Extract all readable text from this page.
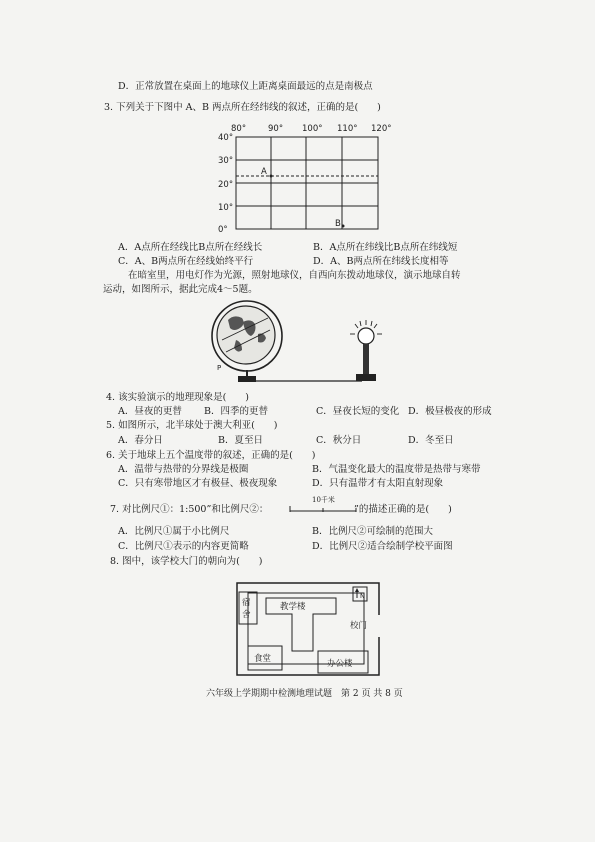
D．正常放置在桌面上的地球仪上距离桌面最远的点是南极点
3. 下列关于下图中 A、B 两点所在经纬线的叙述，正确的是(　　)
80°	90° 100° 110° 120°
40°
30°
20°
10°
0°
A
B
A．A点所在经线比B点所在经线长	B．A点所在纬线比B点所在纬线短
C．A、B两点所在经线始终平行	D．A、B两点所在纬线长度相等
在暗室里，用电灯作为光源，照射地球仪，自西向东拨动地球仪，演示地球自转
运动，如图所示，据此完成4～5题。
P
4. 该实验演示的地理现象是(　　)
A．昼夜的更替 B．四季的更替	C．昼夜长短的变化 D．极昼极夜的形成
5. 如图所示，北半球处于澳大利亚(　　)
A．春分日	B．夏至日	C．秋分日	D．冬至日
6. 关于地球上五个温度带的叙述，正确的是(　　)
A．温带与热带的分界线是极圈	B．气温变化最大的温度带是热带与寒带
C．只有寒带地区才有极昼、极夜现象	D．只有温带才有太阳直射现象
7. 对比例尺①：1:500”和比例尺②：
10千米
”的描述正确的是(　　)
A．比例尺①属于小比例尺	B．比例尺②可绘制的范围大
C．比例尺①表示的内容更简略	D．比例尺②适合绘制学校平面图
8. 图中，该学校大门的朝向为(　　)
宿
舍
教学楼
N
校门
食堂	办公楼
六年级上学期期中检测地理试题　第 2 页 共 8 页
